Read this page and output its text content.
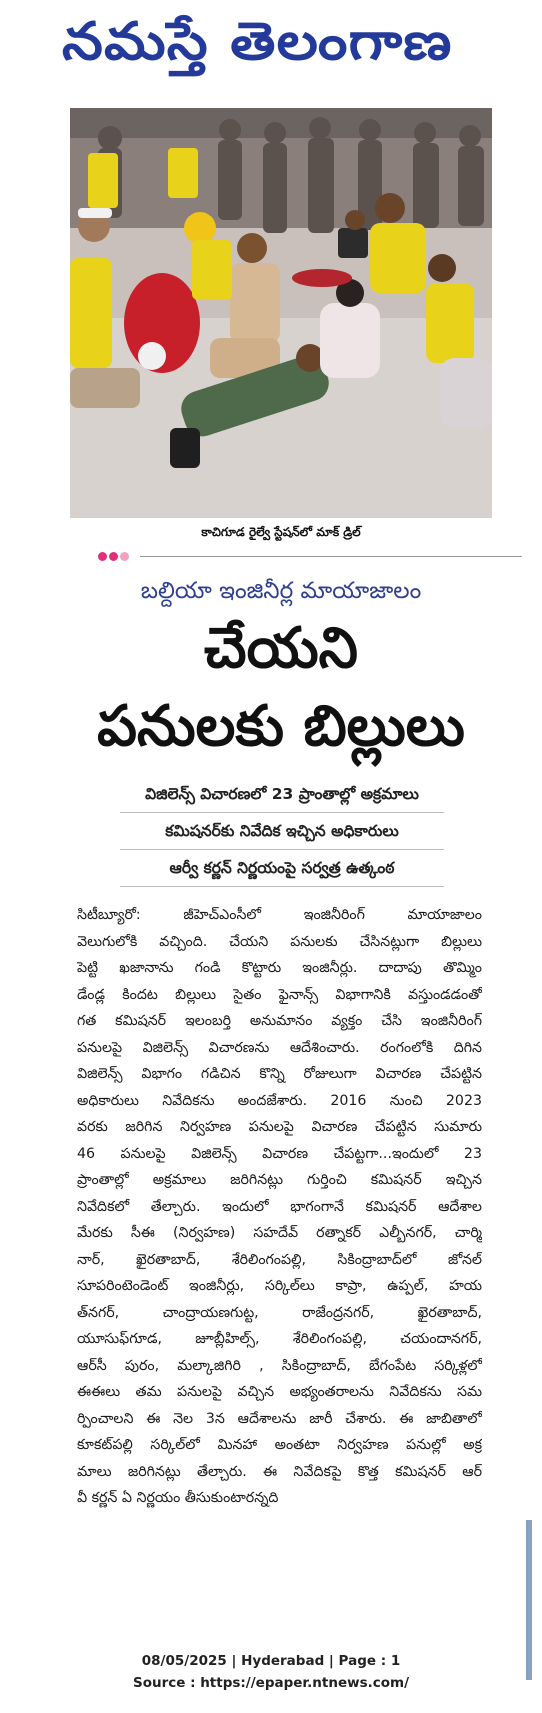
నమస్తే తెలంగాణ
కాచిగూడ రైల్వే స్టేషన్‌లో మాక్ డ్రిల్
బల్దియా ఇంజినీర్ల మాయాజాలం
చేయని
పనులకు బిల్లులు
విజిలెన్స్ విచారణలో 23 ప్రాంతాల్లో అక్రమాలు
కమిషనర్‌కు నివేదిక ఇచ్చిన అధికారులు
ఆర్వీ కర్ణన్ నిర్ణయంపై సర్వత్ర ఉత్కంఠ
సిటీబ్యూరో: జీహెచ్ఎంసీలో ఇంజినీరింగ్ మాయాజాలం
వెలుగులోకి వచ్చింది. చేయని పనులకు చేసినట్లుగా బిల్లులు
పెట్టి ఖజానాను గండి కొట్టారు ఇంజినీర్లు. దాదాపు తొమ్మిం
డేండ్ల కిందట బిల్లులు సైతం ఫైనాన్స్ విభాగానికి వస్తుండడంతో
గత కమిషనర్ ఇలంబర్తి అనుమానం వ్యక్తం చేసి ఇంజినీరింగ్
పనులపై విజిలెన్స్ విచారణను ఆదేశించారు. రంగంలోకి దిగిన
విజిలెన్స్ విభాగం గడిచిన కొన్ని రోజులుగా విచారణ చేపట్టిన
అధికారులు నివేదికను అందజేశారు. 2016 నుంచి 2023
వరకు జరిగిన నిర్వహణ పనులపై విచారణ చేపట్టిన సుమారు
46 పనులపై విజిలెన్స్ విచారణ చేపట్టగా...ఇందులో 23
ప్రాంతాల్లో అక్రమాలు జరిగినట్లు గుర్తించి కమిషనర్ ఇచ్చిన
నివేదికలో తేల్చారు. ఇందులో భాగంగానే కమిషనర్ ఆదేశాల
మేరకు సీఈ (నిర్వహణ) సహదేవ్ రత్నాకర్ ఎల్బీనగర్, చార్మి
నార్, ఖైరతాబాద్, శేరిలింగంపల్లి, సికింద్రాబాద్‌లో జోనల్
సూపరింటెండెంట్ ఇంజినీర్లు, సర్కిల్‌లు కాప్రా, ఉప్పల్, హయ
త్‌నగర్, చాంద్రాయణగుట్ట, రాజేంద్రనగర్, ఖైరతాబాద్,
యూసుఫ్‌గూడ, జూబ్లీహిల్స్, శేరిలింగంపల్లి, చయందానగర్,
ఆర్‌సీ పురం, మల్కాజిగిరి , సికింద్రాబాద్, బేగంపేట సర్కిళ్లలో
ఈఈలు తమ పనులపై వచ్చిన అభ్యంతరాలను నివేదికను సమ
ర్పించాలని ఈ నెల 3న ఆదేశాలను జారీ చేశారు. ఈ జాబితాలో
కూకట్‌పల్లి సర్కిల్‌లో మినహా అంతటా నిర్వహణ పనుల్లో అక్ర
మాలు జరిగినట్లు తేల్చారు. ఈ నివేదికపై కొత్త కమిషనర్ ఆర్
వీ కర్ణన్ ఏ నిర్ణయం తీసుకుంటారన్నది
08/05/2025 | Hyderabad | Page : 1
Source : https://epaper.ntnews.com/
